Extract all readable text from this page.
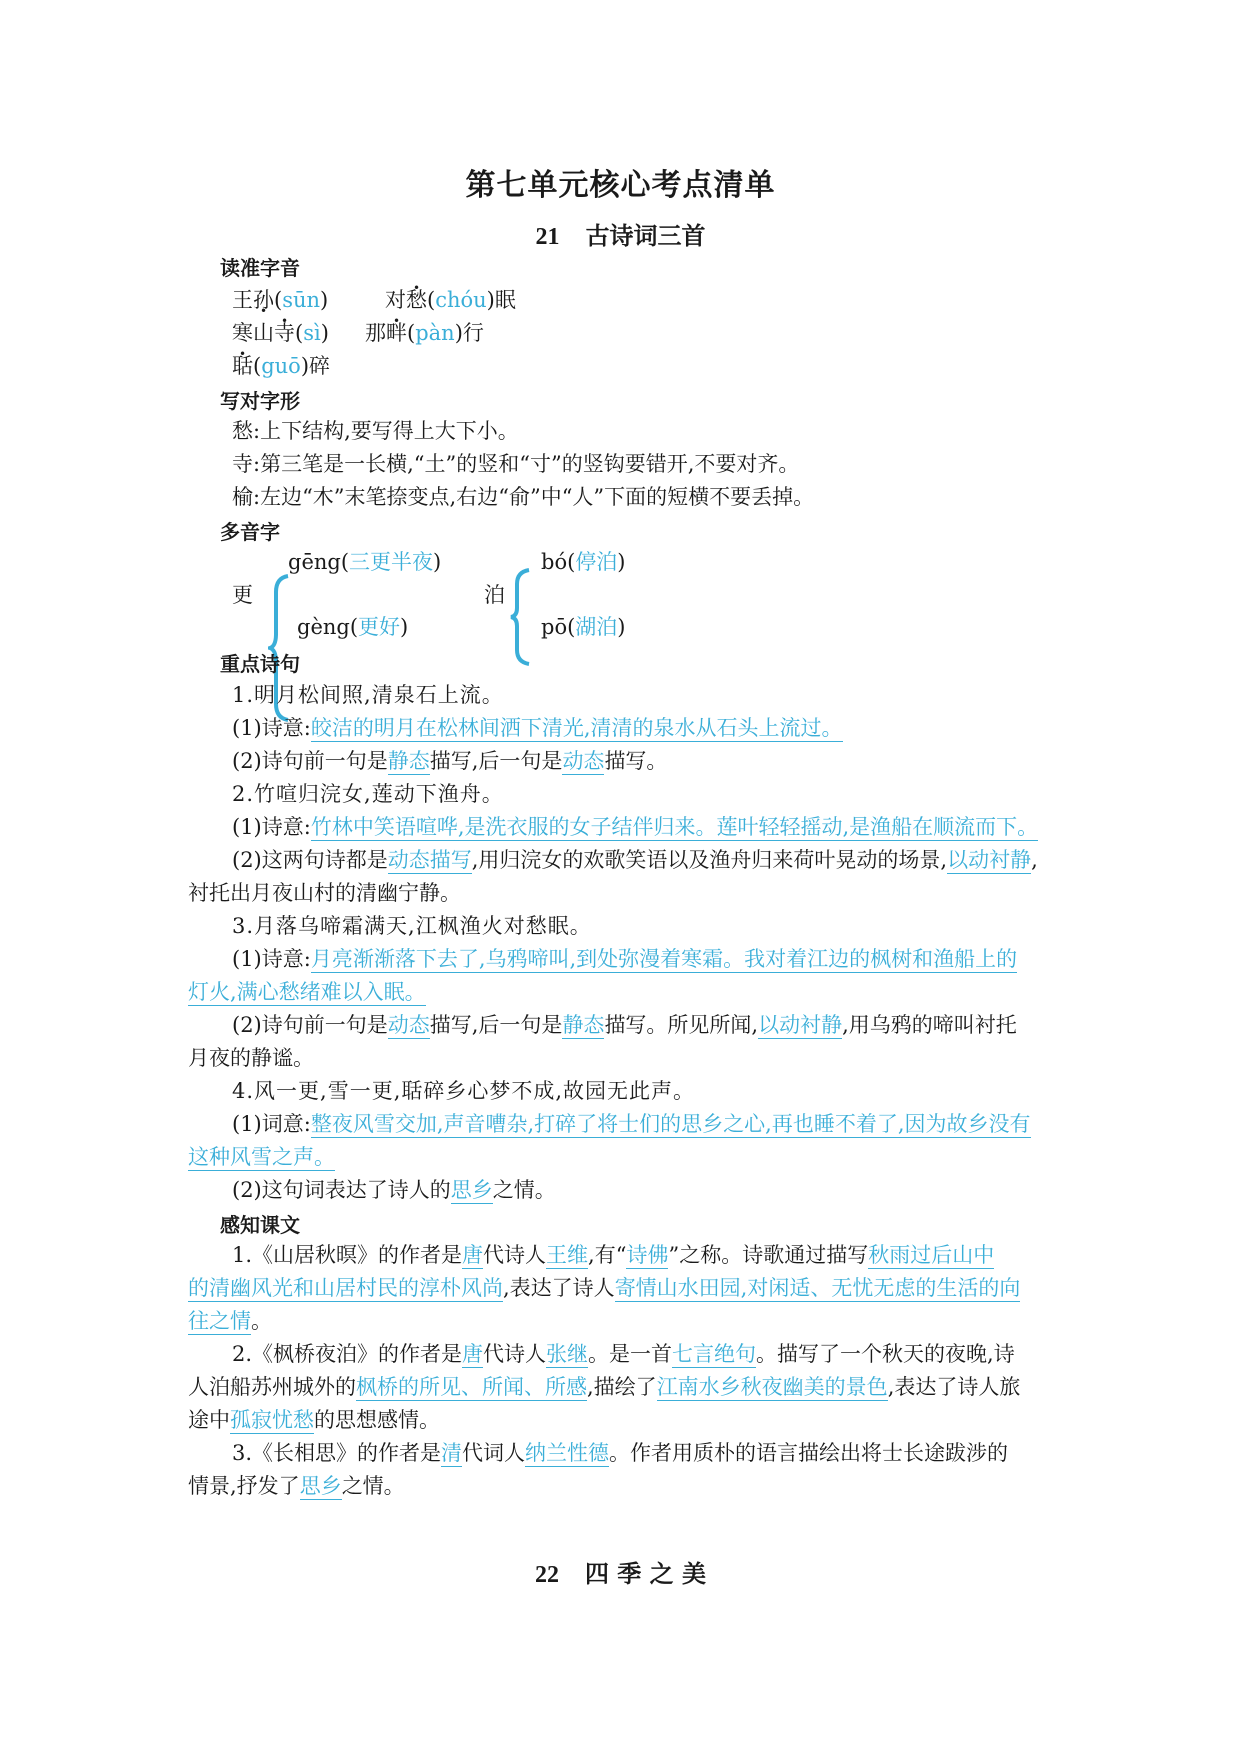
第七单元核心考点清单
21 古诗词三首
读准字音
王孙(sūn)	对愁(chóu)眠
寒山寺(sì) 那畔(pàn)行
聒(guō)碎
写对字形
愁:上下结构,要写得上大下小。
寺:第三笔是一长横,“土”的竖和“寸”的竖钩要错开,不要对齐。
榆:左边“木”末笔捺变点,右边“俞”中“人”下面的短横不要丢掉。
多音字
gēng(三更半夜)
更
gèng(更好)
bó(停泊)
泊
pō(湖泊)
重点诗句
1.明月松间照,清泉石上流。
(1)诗意:皎洁的明月在松林间洒下清光,清清的泉水从石头上流过。
(2)诗句前一句是静态描写,后一句是动态描写。
2.竹喧归浣女,莲动下渔舟。
(1)诗意:竹林中笑语喧哗,是洗衣服的女子结伴归来。莲叶轻轻摇动,是渔船在顺流而下。
(2)这两句诗都是动态描写,用归浣女的欢歌笑语以及渔舟归来荷叶晃动的场景,以动衬静,
衬托出月夜山村的清幽宁静。
3.月落乌啼霜满天,江枫渔火对愁眠。
(1)诗意:月亮渐渐落下去了,乌鸦啼叫,到处弥漫着寒霜。我对着江边的枫树和渔船上的
灯火,满心愁绪难以入眠。
(2)诗句前一句是动态描写,后一句是静态描写。所见所闻,以动衬静,用乌鸦的啼叫衬托
月夜的静谧。
4.风一更,雪一更,聒碎乡心梦不成,故园无此声。
(1)词意:整夜风雪交加,声音嘈杂,打碎了将士们的思乡之心,再也睡不着了,因为故乡没有
这种风雪之声。
(2)这句词表达了诗人的思乡之情。
感知课文
1.《山居秋暝》的作者是唐代诗人王维,有“诗佛”之称。诗歌通过描写秋雨过后山中
的清幽风光和山居村民的淳朴风尚,表达了诗人寄情山水田园,对闲适、无忧无虑的生活的向
往之情。
2.《枫桥夜泊》的作者是唐代诗人张继。是一首七言绝句。描写了一个秋天的夜晚,诗
人泊船苏州城外的枫桥的所见、所闻、所感,描绘了江南水乡秋夜幽美的景色,表达了诗人旅
途中孤寂忧愁的思想感情。
3.《长相思》的作者是清代词人纳兰性德。作者用质朴的语言描绘出将士长途跋涉的
情景,抒发了思乡之情。
22 四 季 之 美
